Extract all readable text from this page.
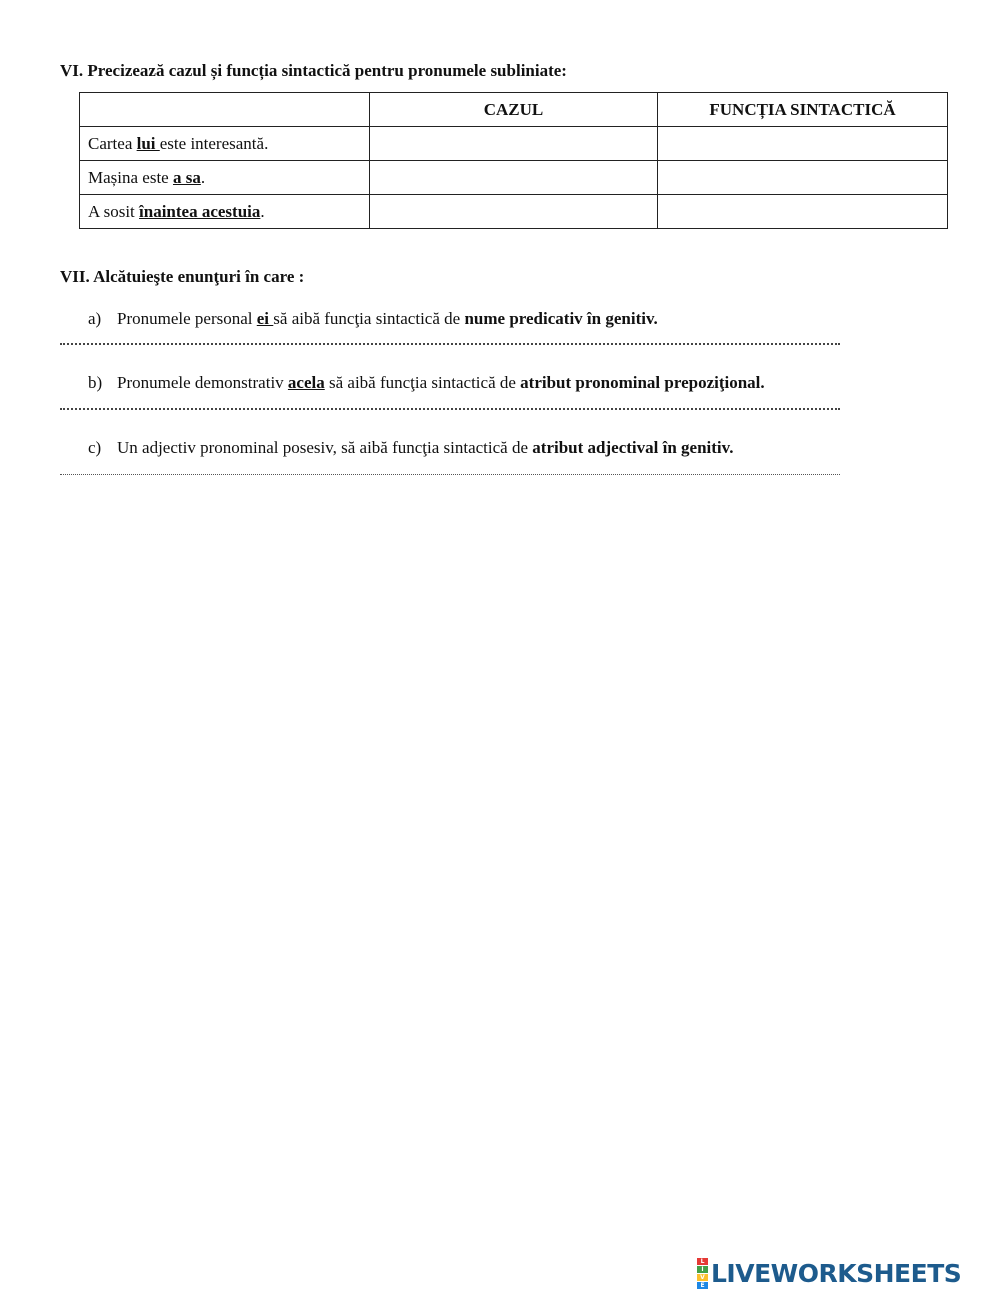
VI. Precizează cazul și funcția sintactică pentru pronumele subliniate:
	CAZUL	FUNCȚIA SINTACTICĂ
Cartea lui este interesantă.		
Mașina este a sa.		
A sosit înaintea acestuia.		
VII. Alcătuieşte enunţuri în care :
a) Pronumele personal ei să aibă funcţia sintactică de nume predicativ în genitiv.
b) Pronumele demonstrativ acela să aibă funcţia sintactică de atribut pronominal prepoziţional.
c) Un adjectiv pronominal posesiv, să aibă funcţia sintactică de atribut adjectival în genitiv.
L
I
V
E LIVEWORKSHEETS
